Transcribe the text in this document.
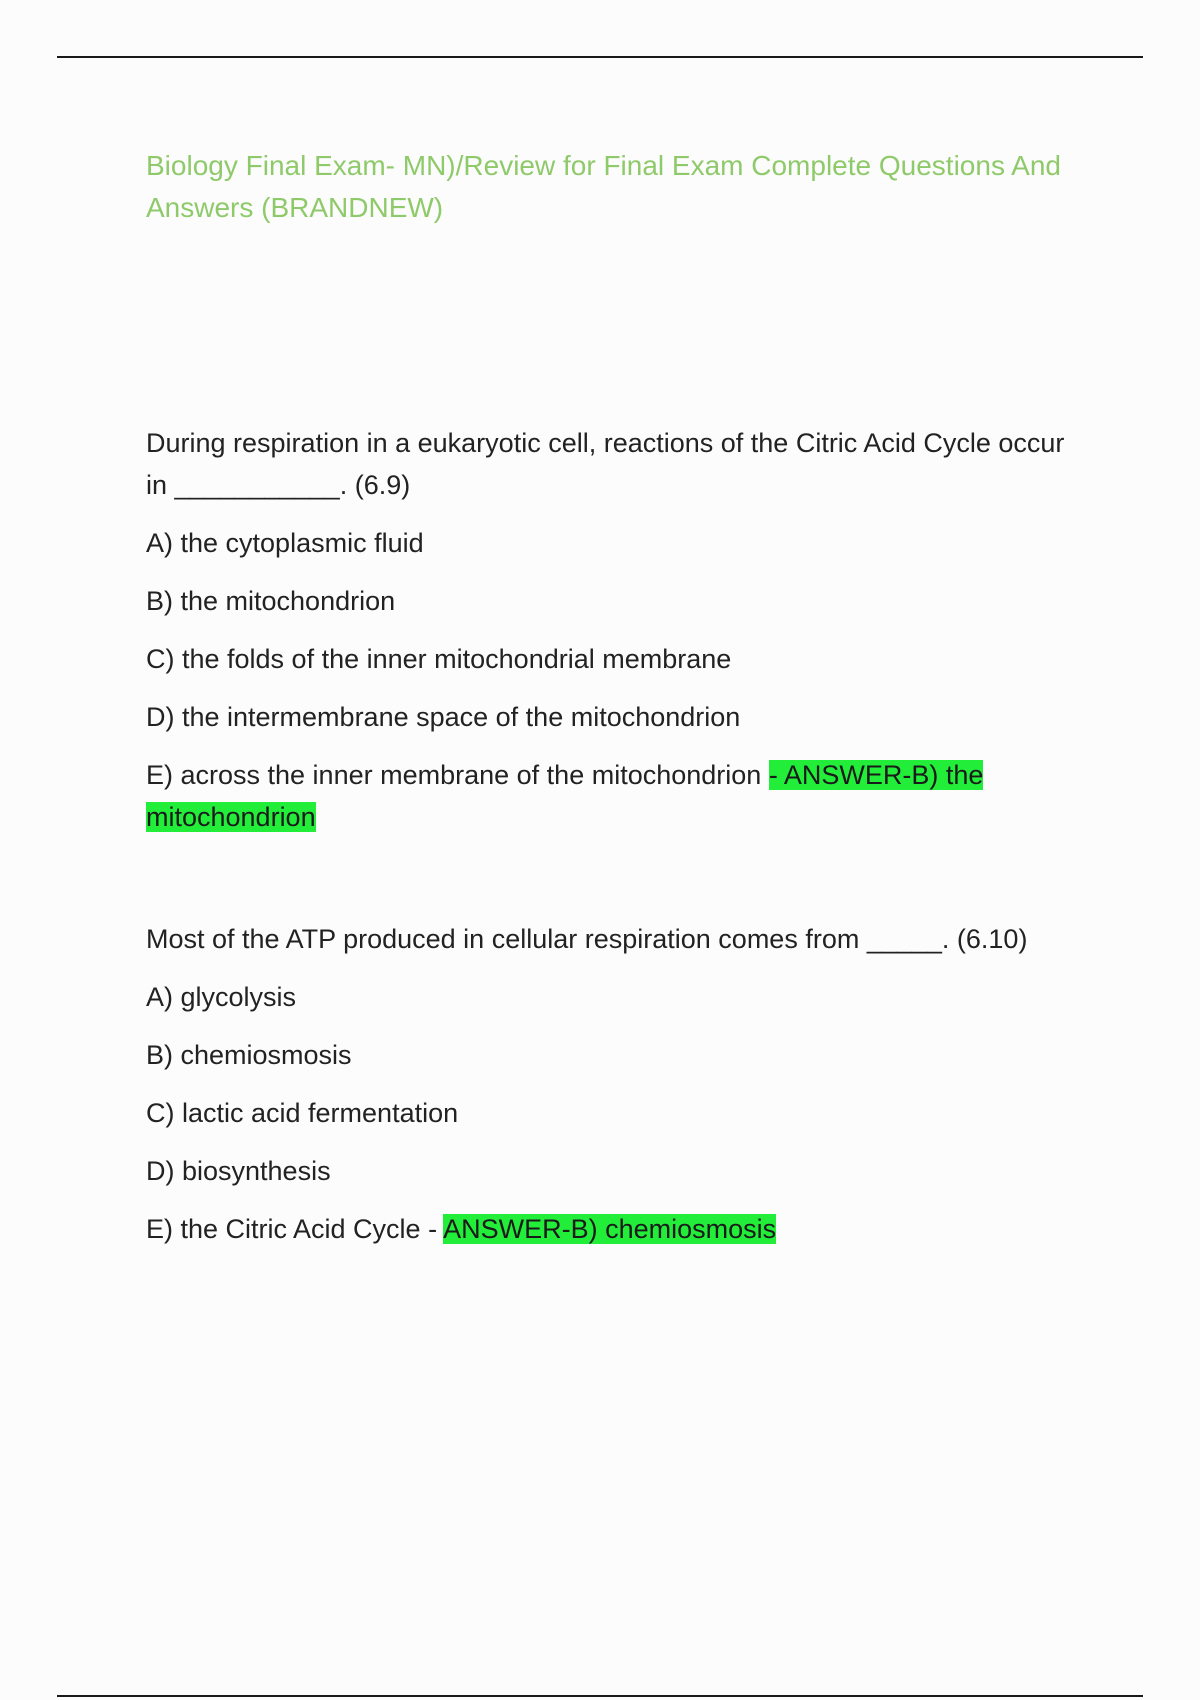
Biology Final Exam- MN)/Review for Final Exam Complete Questions And Answers (BRANDNEW)
During respiration in a eukaryotic cell, reactions of the Citric Acid Cycle occur in ___________. (6.9)
A) the cytoplasmic fluid
B) the mitochondrion
C) the folds of the inner mitochondrial membrane
D) the intermembrane space of the mitochondrion
E) across the inner membrane of the mitochondrion - ANSWER-B) the mitochondrion
Most of the ATP produced in cellular respiration comes from _____. (6.10)
A) glycolysis
B) chemiosmosis
C) lactic acid fermentation
D) biosynthesis
E) the Citric Acid Cycle - ANSWER-B) chemiosmosis
